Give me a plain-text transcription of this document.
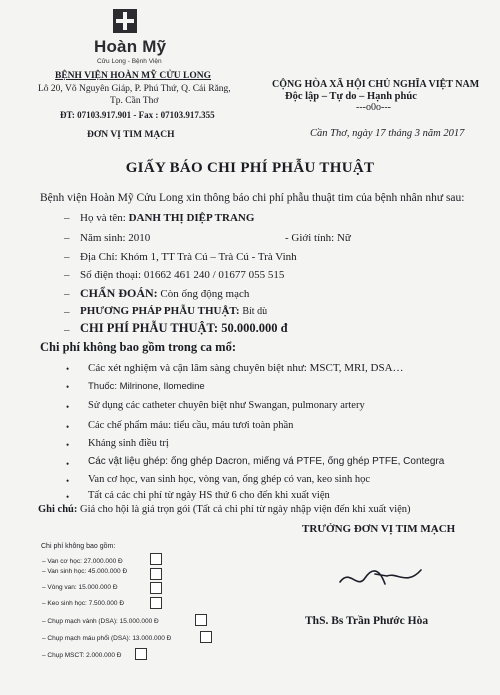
Hoàn Mỹ
Cửu Long - Bệnh Viện
BỆNH VIỆN HOÀN MỸ CỬU LONG
Lô 20, Võ Nguyên Giáp, P. Phú Thứ, Q. Cái Răng,
Tp. Cần Thơ
ĐT: 07103.917.901 - Fax : 07103.917.355
ĐƠN VỊ TIM MẠCH
CỘNG HÒA XÃ HỘI CHỦ NGHĨA VIỆT NAM
Độc lập – Tự do – Hạnh phúc
---o0o---
Cần Thơ, ngày 17 tháng 3 năm 2017
GIẤY BÁO CHI PHÍ PHẪU THUẬT
Bệnh viện Hoàn Mỹ Cửu Long xin thông báo chi phí phẫu thuật tim của bệnh nhân như sau:
– Họ và tên: DANH THỊ DIỆP TRANG
– Năm sinh: 2010	- Giới tính: Nữ
– Địa Chỉ: Khóm 1, TT Trà Cú – Trà Cú - Trà Vinh
– Số điện thoại: 01662 461 240 / 01677 055 515
– CHẨN ĐOÁN: Còn ống động mạch
– PHƯƠNG PHÁP PHẪU THUẬT: Bít dù
– CHI PHÍ PHẪU THUẬT: 50.000.000 đ
Chi phí không bao gồm trong ca mổ:
• Các xét nghiệm và cận lâm sàng chuyên biệt như: MSCT, MRI, DSA…
• Thuốc: Milrinone, Ilomedine
• Sử dụng các catheter chuyên biệt như Swangan, pulmonary artery
• Các chế phẩm máu: tiểu cầu, máu tươi toàn phần
• Kháng sinh điều trị
• Các vật liệu ghép: ống ghép Dacron, miếng vá PTFE, ống ghép PTFE, Contegra
• Van cơ học, van sinh học, vòng van, ống ghép có van, keo sinh học
• Tất cả các chi phí từ ngày HS thứ 6 cho đến khi xuất viện
Ghi chú: Giá cho hội là giá trọn gói (Tất cả chi phí từ ngày nhập viện đến khi xuất viện)
TRƯỞNG ĐƠN VỊ TIM MẠCH
ThS. Bs Trần Phước Hòa
Chi phí không bao gồm:
– Van cơ học: 27.000.000 Đ
– Van sinh học: 45.000.000 Đ
– Vòng van: 15.000.000 Đ
– Keo sinh học: 7.500.000 Đ
– Chụp mạch vành (DSA): 15.000.000 Đ
– Chụp mạch máu phổi (DSA): 13.000.000 Đ
– Chụp MSCT: 2.000.000 Đ
